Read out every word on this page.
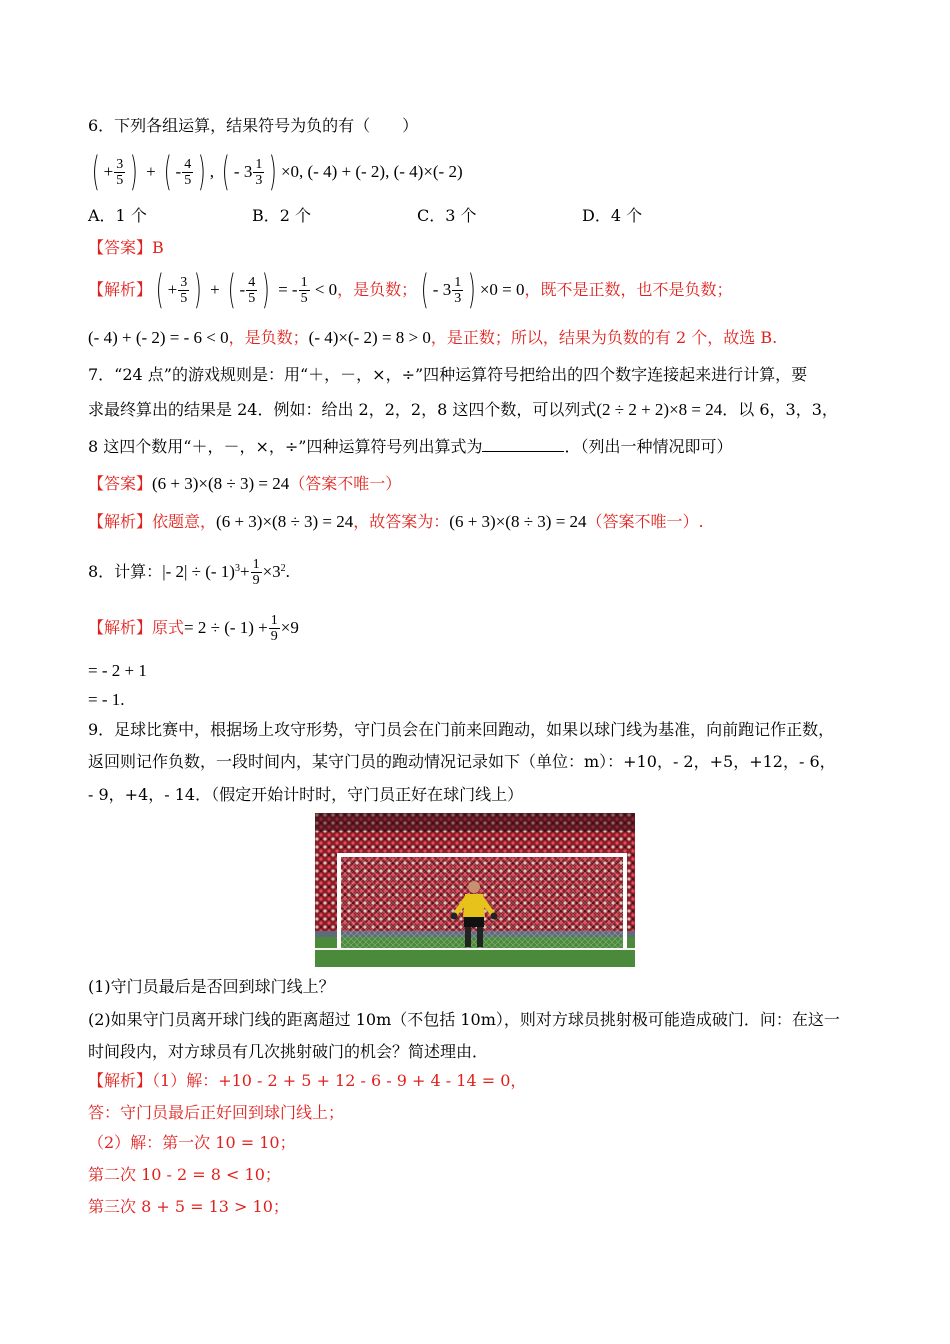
6．下列各组运算，结果符号为负的有（　　）
( + $\frac{3}{5}$ ) + ( - $\frac{4}{5}$ ) , ( - $3 \frac{1}{3}$ ) ×0, (- 4) + (- 2), (- 4)×(- 2)
A．1 个	B．2 个	C．3 个	D．4 个
【答案】B
【解析】 ( + $\frac{3}{5}$ ) + ( - $\frac{4}{5}$ )
= - $\frac{1}{5}$
< 0 ，是负数； ( - $3 \frac{1}{3}$ ) ×0 = 0 ，既不是正数，也不是负数；
(- 4) + (- 2) = - 6 < 0，是负数；(- 4)×(- 2) = 8 > 0，是正数；所以，结果为负数的有 2 个，故选 B.
7．“24 点”的游戏规则是：用“＋，－，×，÷”四种运算符号把给出的四个数字连接起来进行计算，要
求最终算出的结果是 24．例如：给出 2，2，2，8 这四个数，可以列式(2 ÷ 2 + 2)×8 = 24．以 6，3，3，
8 这四个数用“＋，－，×，÷”四种运算符号列出算式为	．（列出一种情况即可）
【答案】(6 + 3)×(8 ÷ 3) = 24（答案不唯一）
【解析】依题意，(6 + 3)×(8 ÷ 3) = 24，故答案为：(6 + 3)×(8 ÷ 3) = 24（答案不唯一）.
8．计算： |- 2| ÷ (- $1)^3 + \frac{1}{9} \times 3^2$ .
【解析】 原式 = 2 ÷ (- $1) + \frac{1}{9} \times 9$
= - 2 + 1
= - 1.
9．足球比赛中，根据场上攻守形势，守门员会在门前来回跑动，如果以球门线为基准，向前跑记作正数，
返回则记作负数，一段时间内，某守门员的跑动情况记录如下（单位：m）：+10，- 2，+5，+12，- 6，
- 9，+4，- 14．（假定开始计时时，守门员正好在球门线上）
(1)守门员最后是否回到球门线上？
(2)如果守门员离开球门线的距离超过 10m（不包括 10m），则对方球员挑射极可能造成破门．问：在这一
时间段内，对方球员有几次挑射破门的机会？简述理由．
【解析】（1）解：+10 - 2 + 5 + 12 - 6 - 9 + 4 - 14 = 0，
答：守门员最后正好回到球门线上；
（2）解：第一次 10 = 10；
第二次 10 - 2 = 8 < 10；
第三次 8 + 5 = 13 > 10；
